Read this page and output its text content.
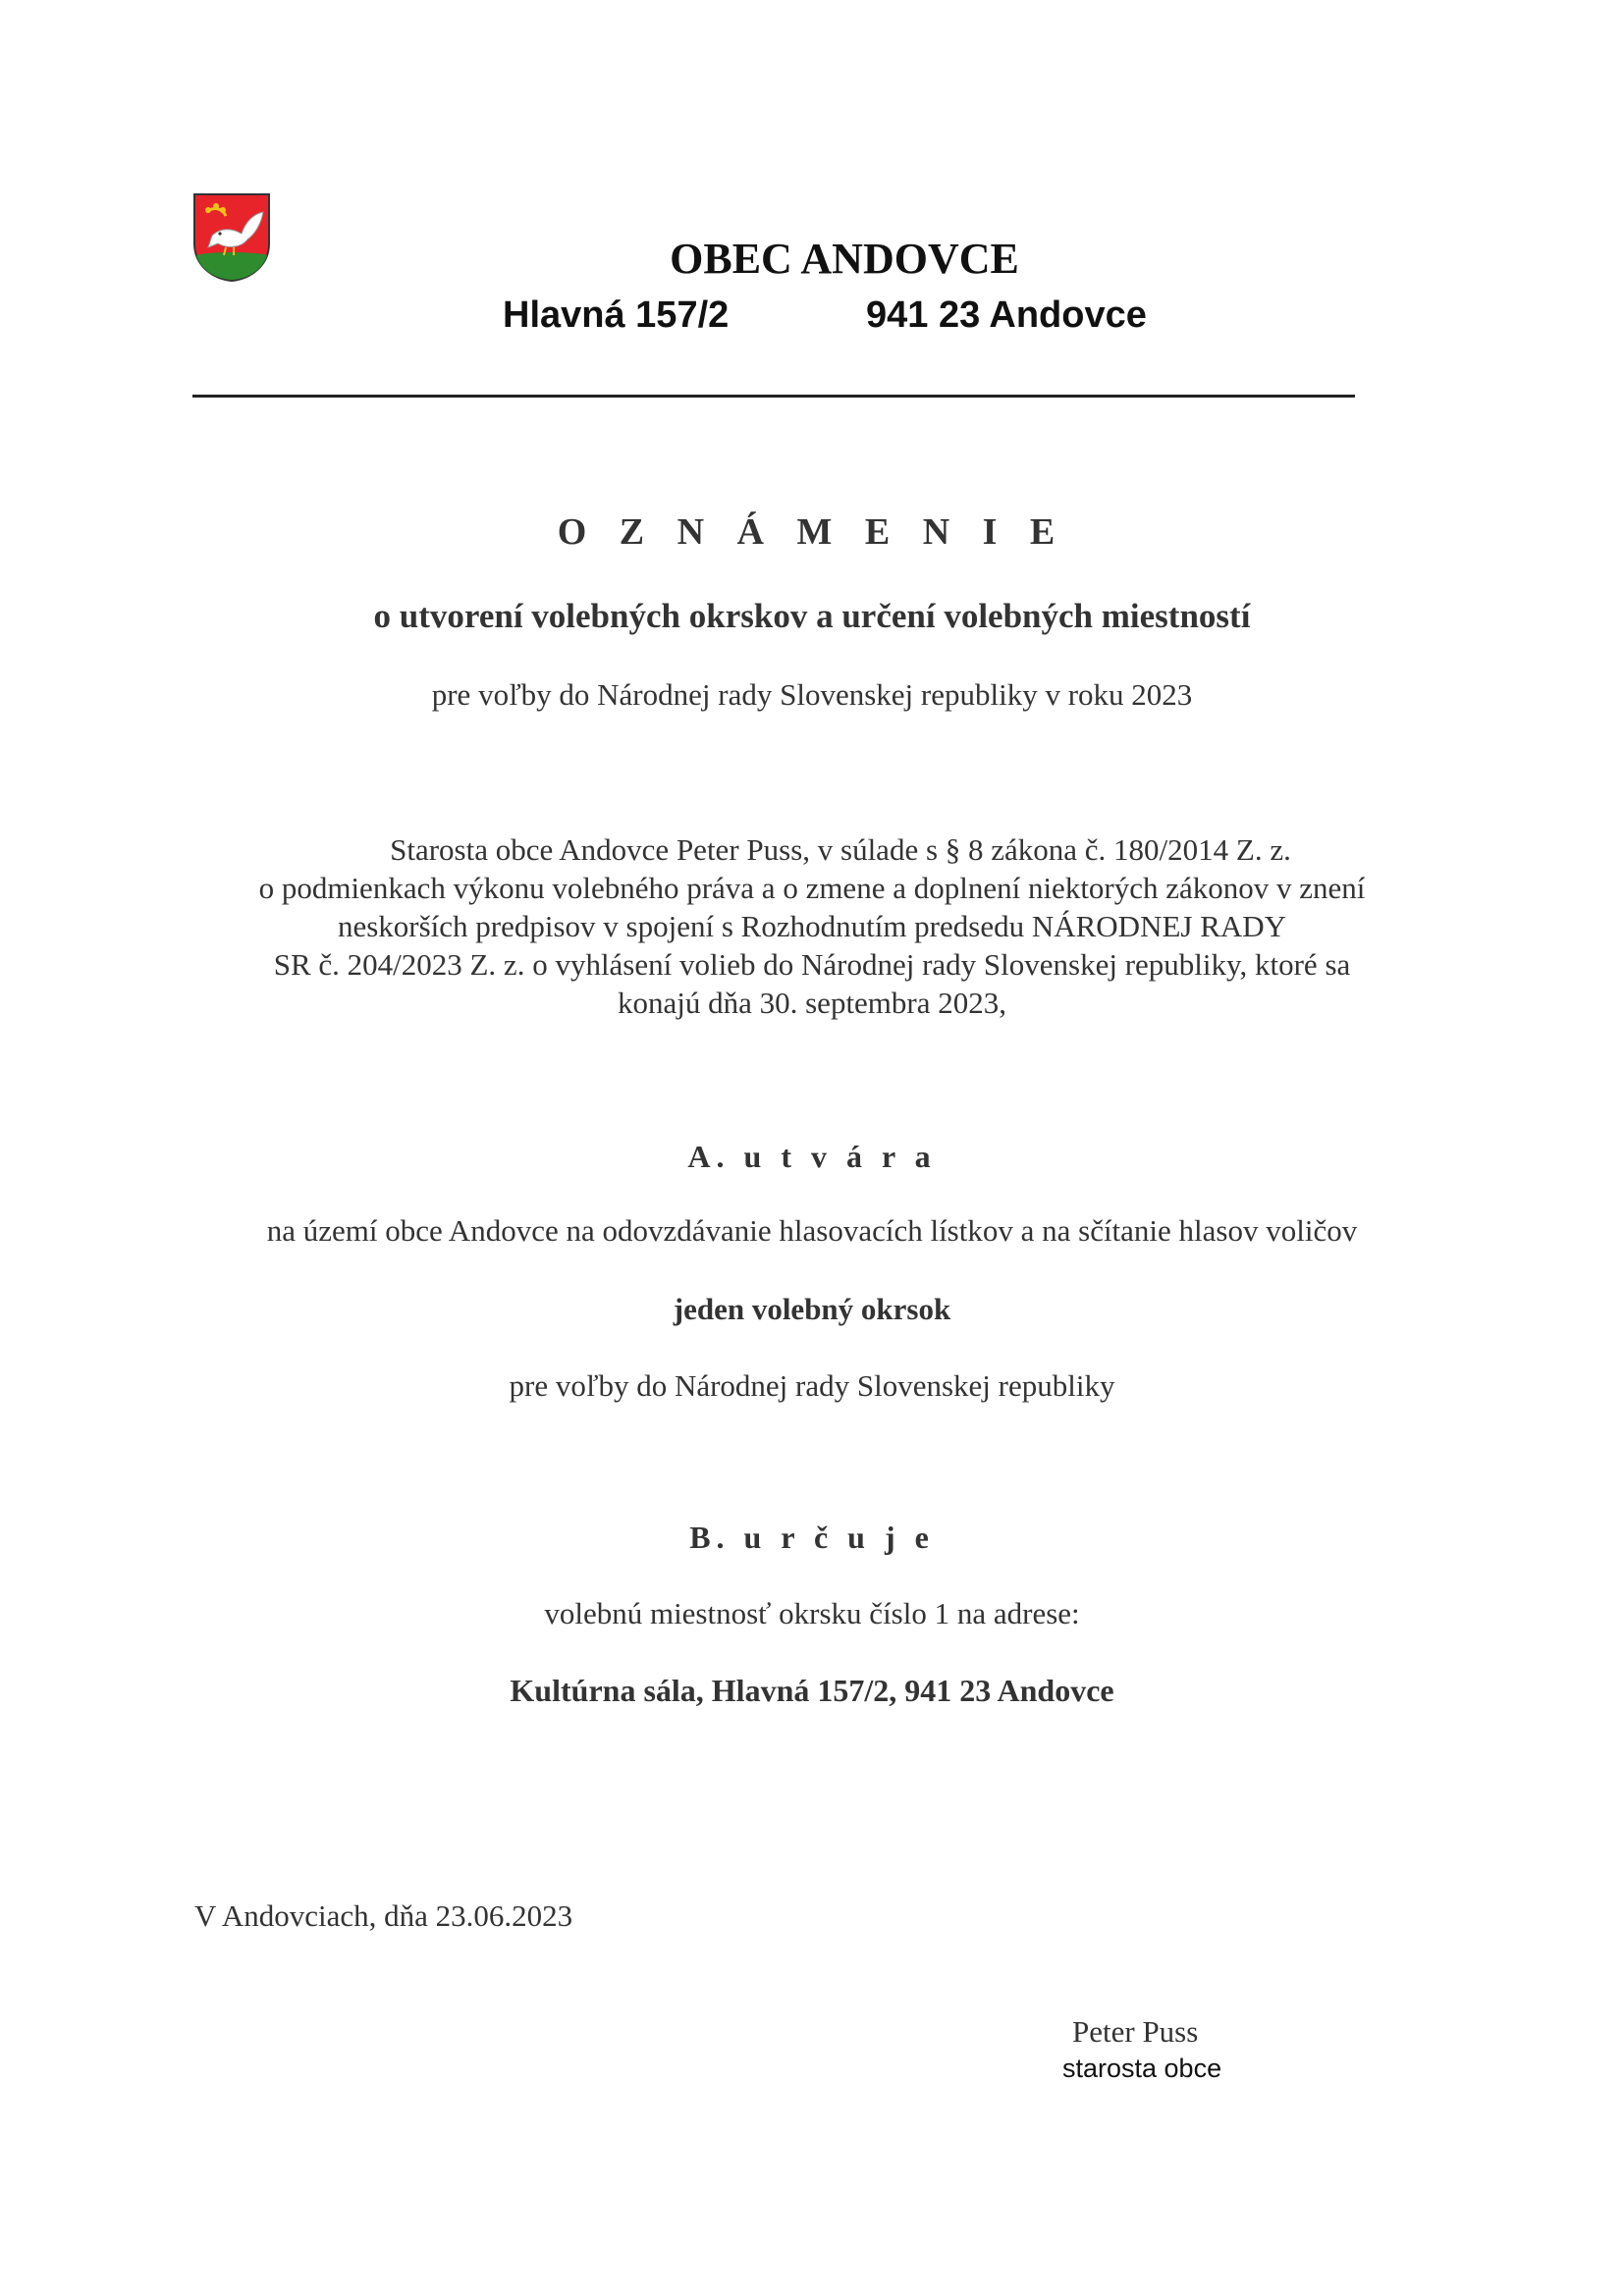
OBEC ANDOVCE
Hlavná 157/2	941 23 Andovce
O Z N Á M E N I E
o utvorení volebných okrskov a určení volebných miestností
pre voľby do Národnej rady Slovenskej republiky v roku 2023
Starosta obce Andovce Peter Puss, v súlade s § 8 zákona č. 180/2014 Z. z.
o podmienkach výkonu volebného práva a o zmene a doplnení niektorých zákonov v znení
neskorších predpisov v spojení s Rozhodnutím predsedu NÁRODNEJ RADY
SR č. 204/2023 Z. z. o vyhlásení volieb do Národnej rady Slovenskej republiky, ktoré sa
konajú dňa 30. septembra 2023,
A. u t v á r a
na území obce Andovce na odovzdávanie hlasovacích lístkov a na sčítanie hlasov voličov
jeden volebný okrsok
pre voľby do Národnej rady Slovenskej republiky
B. u r č u j e
volebnú miestnosť okrsku číslo 1 na adrese:
Kultúrna sála, Hlavná 157/2, 941 23 Andovce
V Andovciach, dňa 23.06.2023
Peter Puss
starosta obce
